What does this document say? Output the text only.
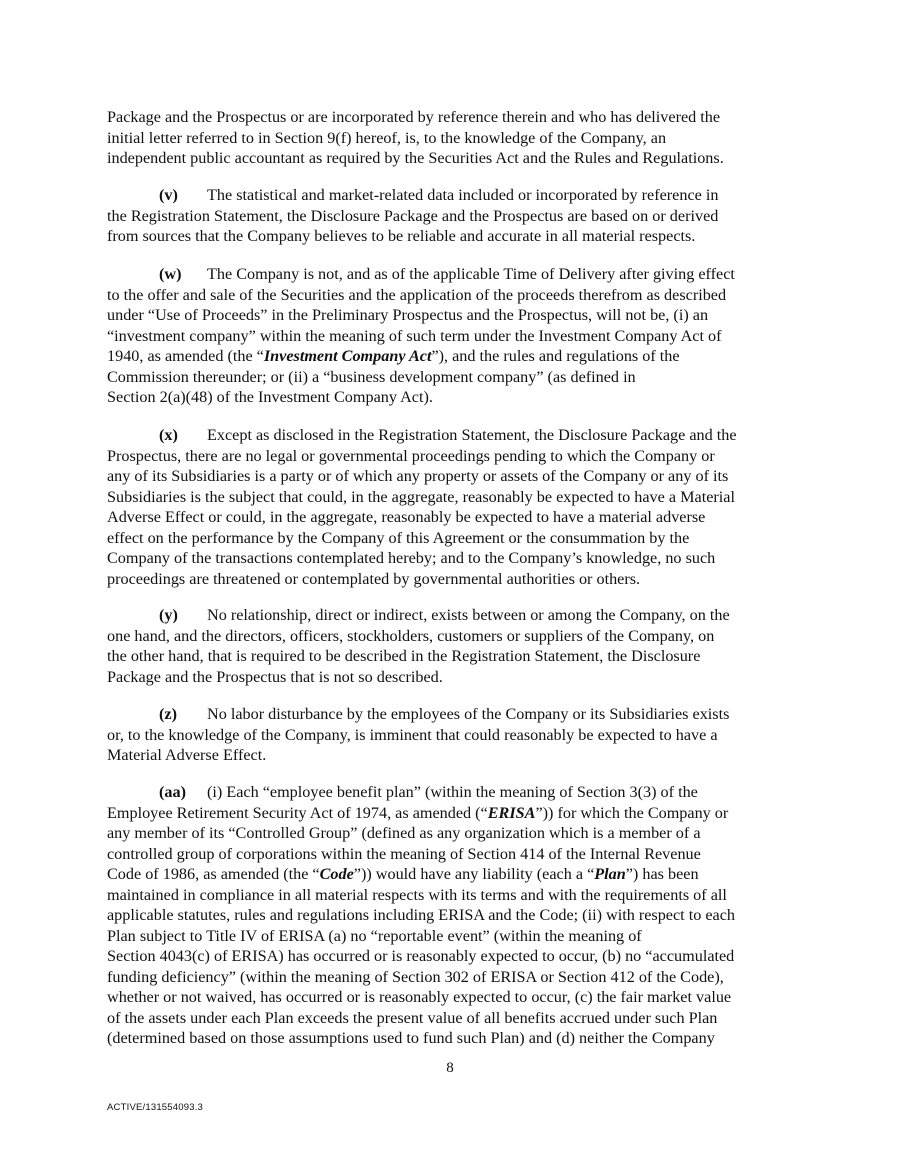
Package and the Prospectus or are incorporated by reference therein and who has delivered the
initial letter referred to in Section 9(f) hereof, is, to the knowledge of the Company, an
independent public accountant as required by the Securities Act and the Rules and Regulations.
(v) The statistical and market-related data included or incorporated by reference in
the Registration Statement, the Disclosure Package and the Prospectus are based on or derived
from sources that the Company believes to be reliable and accurate in all material respects.
(w) The Company is not, and as of the applicable Time of Delivery after giving effect
to the offer and sale of the Securities and the application of the proceeds therefrom as described
under “Use of Proceeds” in the Preliminary Prospectus and the Prospectus, will not be, (i) an
“investment company” within the meaning of such term under the Investment Company Act of
1940, as amended (the “Investment Company Act”), and the rules and regulations of the
Commission thereunder; or (ii) a “business development company” (as defined in
Section 2(a)(48) of the Investment Company Act).
(x) Except as disclosed in the Registration Statement, the Disclosure Package and the
Prospectus, there are no legal or governmental proceedings pending to which the Company or
any of its Subsidiaries is a party or of which any property or assets of the Company or any of its
Subsidiaries is the subject that could, in the aggregate, reasonably be expected to have a Material
Adverse Effect or could, in the aggregate, reasonably be expected to have a material adverse
effect on the performance by the Company of this Agreement or the consummation by the
Company of the transactions contemplated hereby; and to the Company’s knowledge, no such
proceedings are threatened or contemplated by governmental authorities or others.
(y) No relationship, direct or indirect, exists between or among the Company, on the
one hand, and the directors, officers, stockholders, customers or suppliers of the Company, on
the other hand, that is required to be described in the Registration Statement, the Disclosure
Package and the Prospectus that is not so described.
(z) No labor disturbance by the employees of the Company or its Subsidiaries exists
or, to the knowledge of the Company, is imminent that could reasonably be expected to have a
Material Adverse Effect.
(aa) (i) Each “employee benefit plan” (within the meaning of Section 3(3) of the
Employee Retirement Security Act of 1974, as amended (“ERISA”)) for which the Company or
any member of its “Controlled Group” (defined as any organization which is a member of a
controlled group of corporations within the meaning of Section 414 of the Internal Revenue
Code of 1986, as amended (the “Code”)) would have any liability (each a “Plan”) has been
maintained in compliance in all material respects with its terms and with the requirements of all
applicable statutes, rules and regulations including ERISA and the Code; (ii) with respect to each
Plan subject to Title IV of ERISA (a) no “reportable event” (within the meaning of
Section 4043(c) of ERISA) has occurred or is reasonably expected to occur, (b) no “accumulated
funding deficiency” (within the meaning of Section 302 of ERISA or Section 412 of the Code),
whether or not waived, has occurred or is reasonably expected to occur, (c) the fair market value
of the assets under each Plan exceeds the present value of all benefits accrued under such Plan
(determined based on those assumptions used to fund such Plan) and (d) neither the Company
8
ACTIVE/131554093.3
